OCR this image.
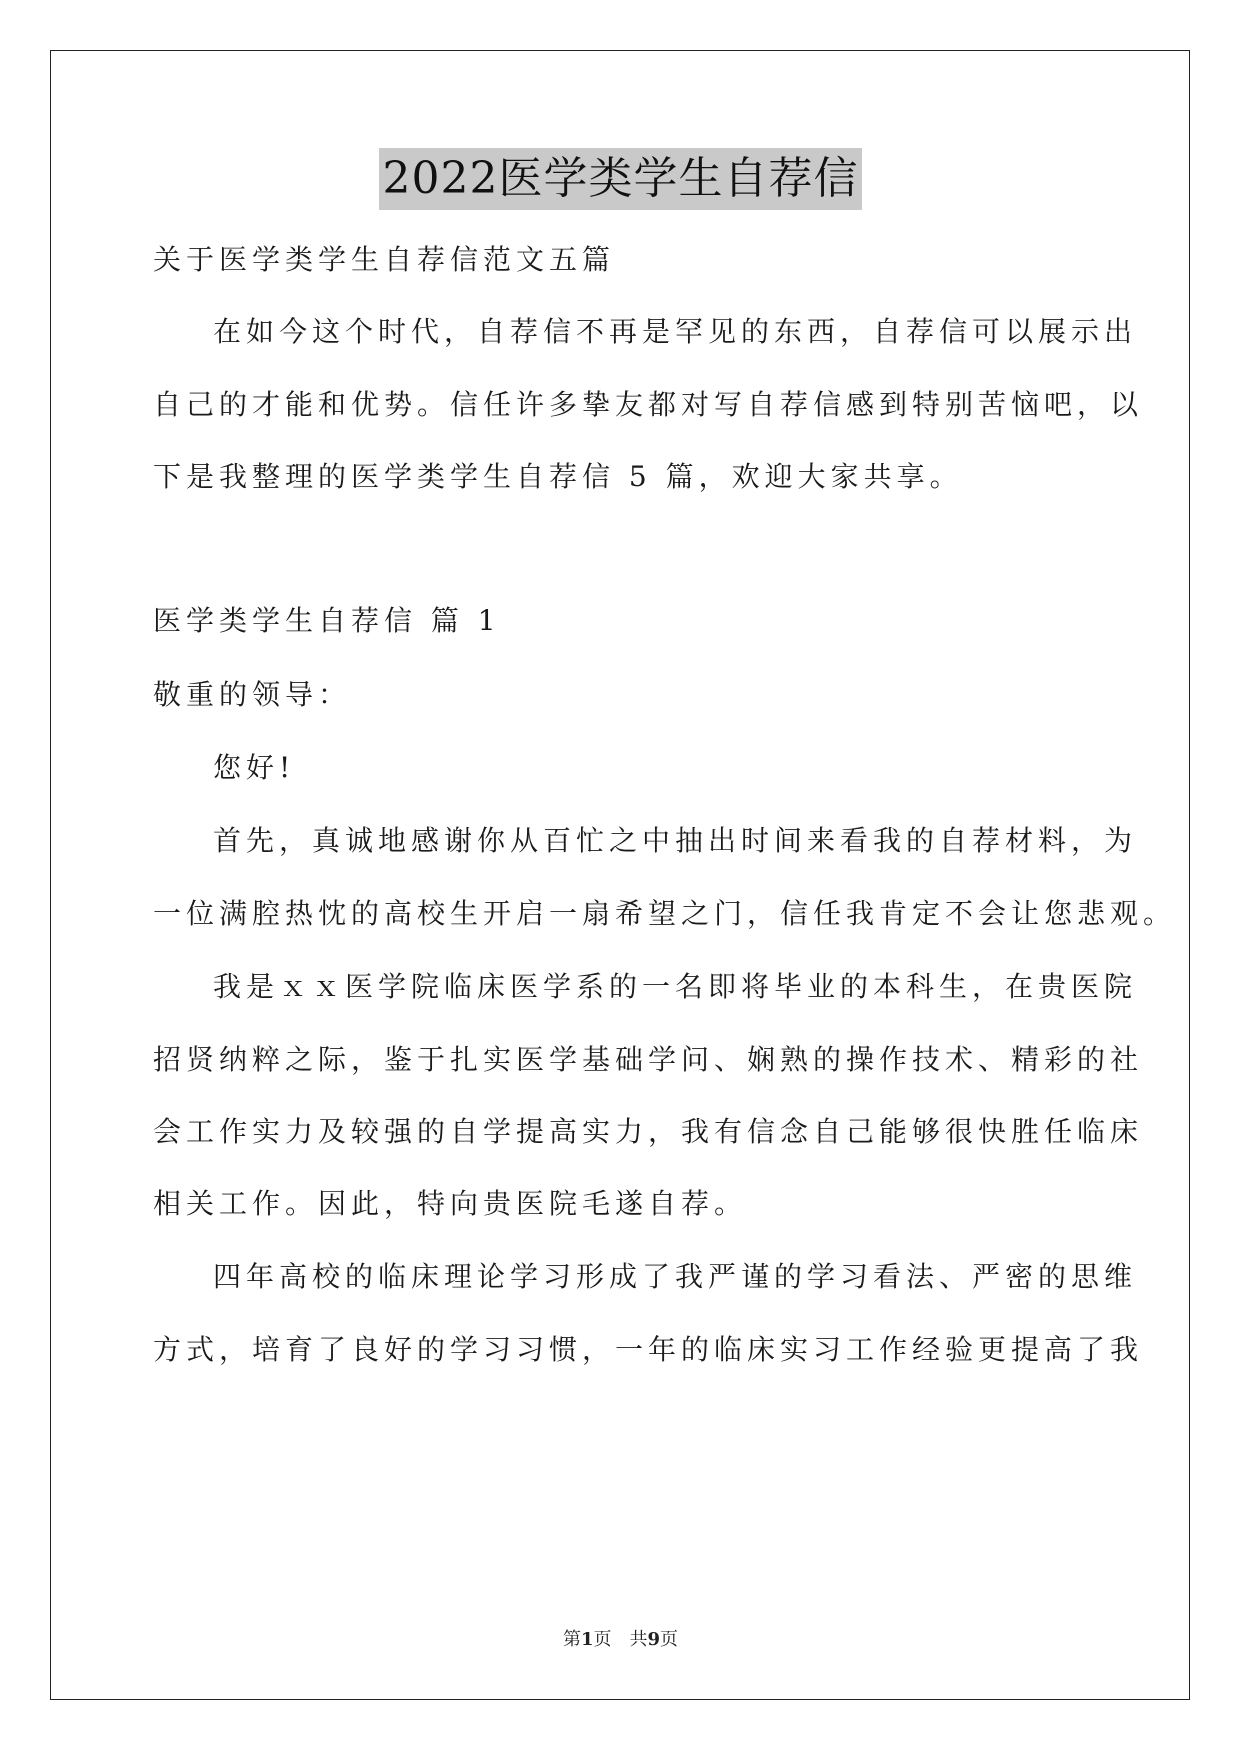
2022医学类学生自荐信
关于医学类学生自荐信范文五篇
在如今这个时代，自荐信不再是罕见的东西，自荐信可以展示出
自己的才能和优势。信任许多挚友都对写自荐信感到特别苦恼吧，以
下是我整理的医学类学生自荐信 5 篇，欢迎大家共享。
医学类学生自荐信 篇 1
敬重的领导：
您好!
首先，真诚地感谢你从百忙之中抽出时间来看我的自荐材料，为
一位满腔热忱的高校生开启一扇希望之门，信任我肯定不会让您悲观。
我是ｘｘ医学院临床医学系的一名即将毕业的本科生，在贵医院
招贤纳粹之际，鉴于扎实医学基础学问、娴熟的操作技术、精彩的社
会工作实力及较强的自学提高实力，我有信念自己能够很快胜任临床
相关工作。因此，特向贵医院毛遂自荐。
四年高校的临床理论学习形成了我严谨的学习看法、严密的思维
方式，培育了良好的学习习惯，一年的临床实习工作经验更提高了我
第1页　共9页
